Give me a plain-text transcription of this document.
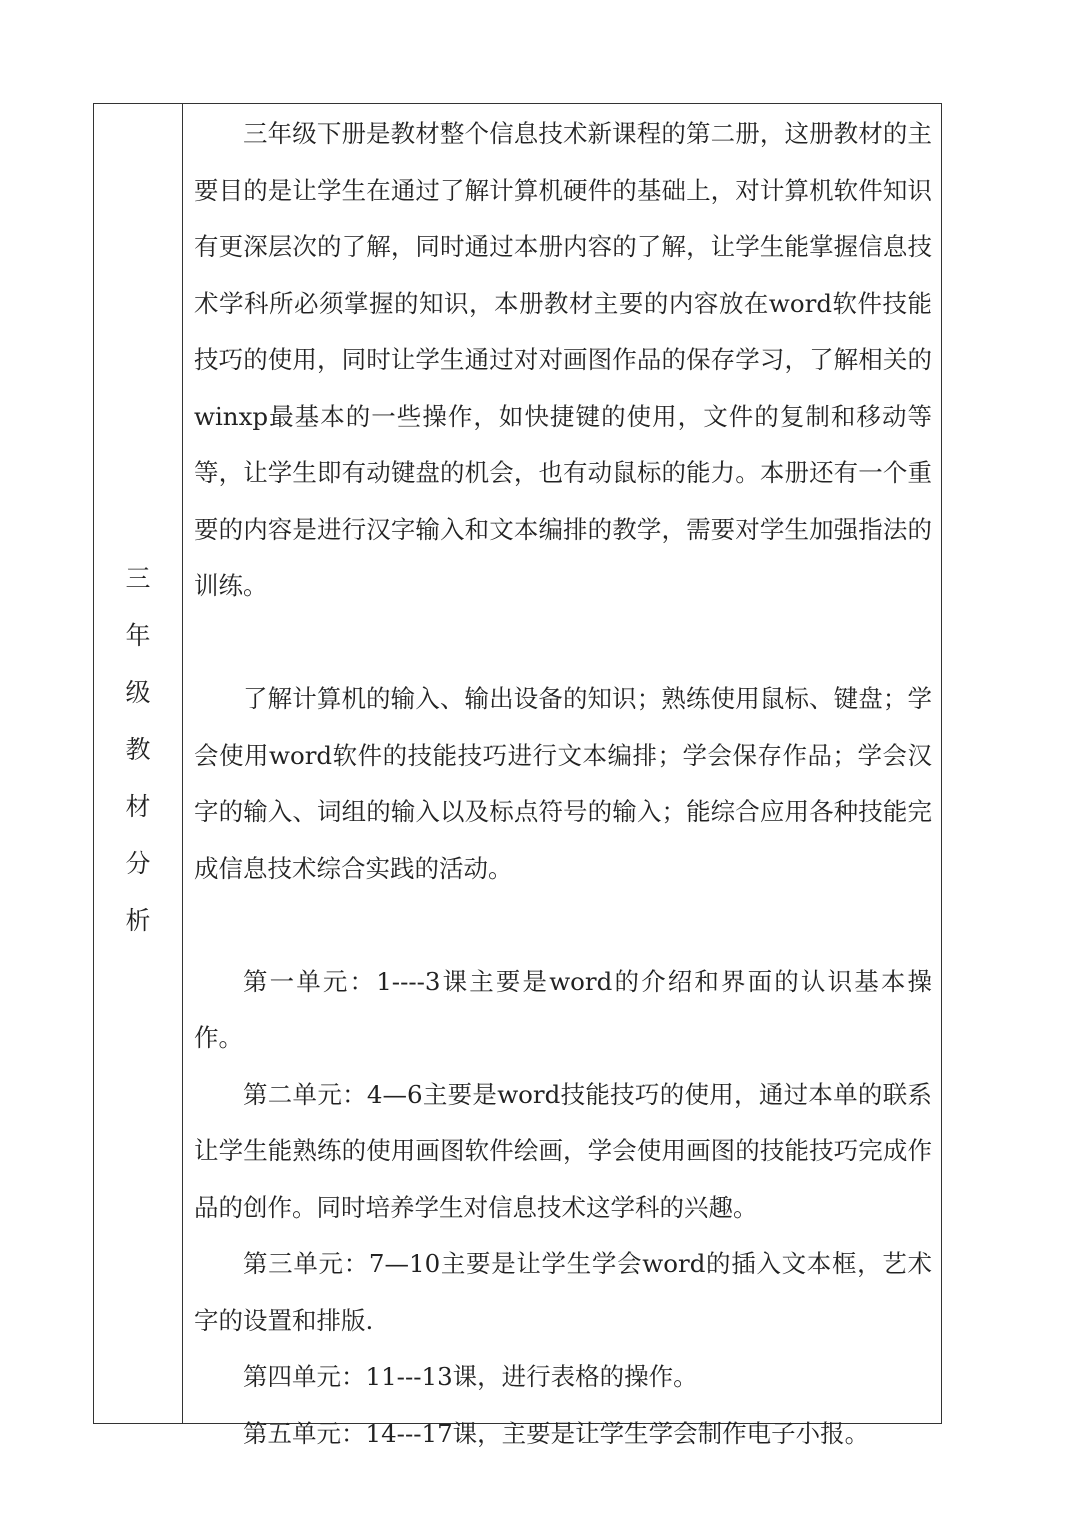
三
年
级
教
材
分
析

三年级下册是教材整个信息技术新课程的第二册，这册教材的主要目的是让学生在通过了解计算机硬件的基础上，对计算机软件知识有更深层次的了解，同时通过本册内容的了解，让学生能掌握信息技术学科所必须掌握的知识，本册教材主要的内容放在word软件技能技巧的使用，同时让学生通过对对画图作品的保存学习，了解相关的winxp最基本的一些操作，如快捷键的使用，文件的复制和移动等等，让学生即有动键盘的机会，也有动鼠标的能力。本册还有一个重要的内容是进行汉字输入和文本编排的教学，需要对学生加强指法的训练。

了解计算机的输入、输出设备的知识；熟练使用鼠标、键盘；学会使用word软件的技能技巧进行文本编排；学会保存作品；学会汉字的输入、词组的输入以及标点符号的输入；能综合应用各种技能完成信息技术综合实践的活动。

第一单元：1----3课主要是word的介绍和界面的认识基本操作。

第二单元：4—6主要是word技能技巧的使用，通过本单的联系让学生能熟练的使用画图软件绘画，学会使用画图的技能技巧完成作品的创作。同时培养学生对信息技术这学科的兴趣。

第三单元：7—10主要是让学生学会word的插入文本框，艺术字的设置和排版.

第四单元：11---13课，进行表格的操作。

第五单元：14---17课，主要是让学生学会制作电子小报。
